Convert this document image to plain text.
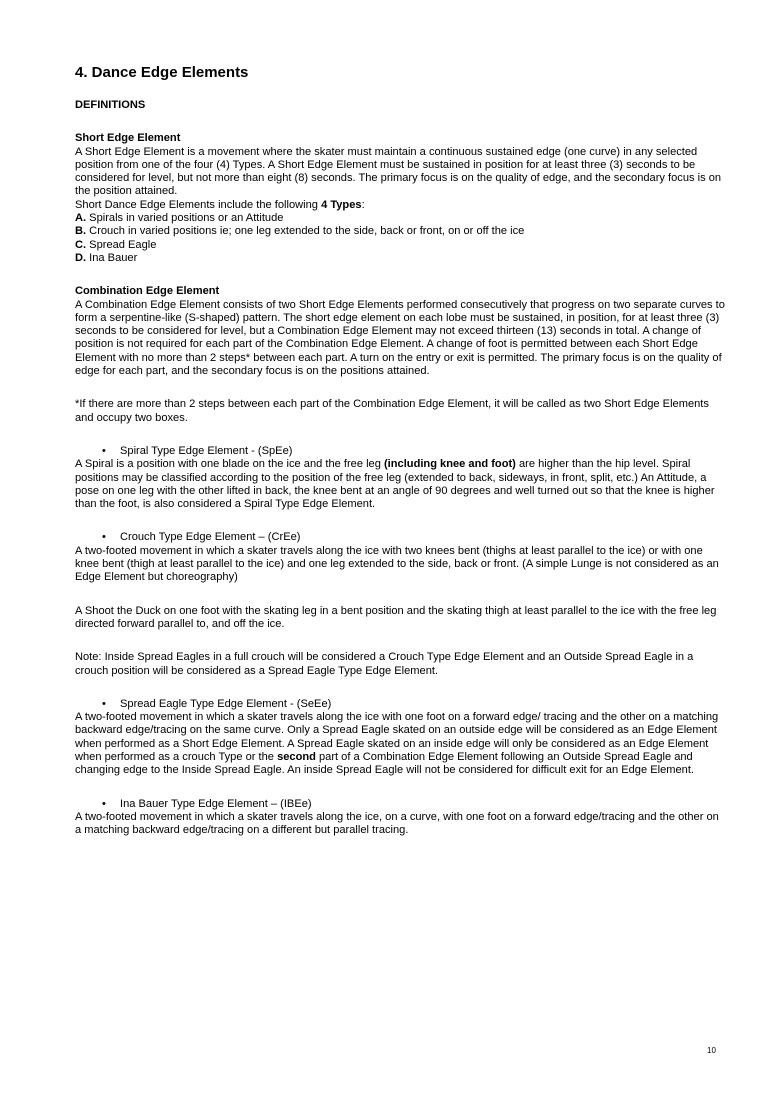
4. Dance Edge Elements
DEFINITIONS
Short Edge Element

A Short Edge Element is a movement where the skater must maintain a continuous sustained edge (one curve) in any selected position from one of the four (4) Types. A Short Edge Element must be sustained in position for at least three (3) seconds to be considered for level, but not more than eight (8) seconds. The primary focus is on the quality of edge, and the secondary focus is on the position attained.

Short Dance Edge Elements include the following 4 Types:

A. Spirals in varied positions or an Attitude

B. Crouch in varied positions ie; one leg extended to the side, back or front, on or off the ice

C. Spread Eagle

D. Ina Bauer

Combination Edge Element

A Combination Edge Element consists of two Short Edge Elements performed consecutively that progress on two separate curves to form a serpentine-like (S-shaped) pattern. The short edge element on each lobe must be sustained, in position, for at least three (3) seconds to be considered for level, but a Combination Edge Element may not exceed thirteen (13) seconds in total. A change of position is not required for each part of the Combination Edge Element. A change of foot is permitted between each Short Edge Element with no more than 2 steps* between each part. A turn on the entry or exit is permitted. The primary focus is on the quality of edge for each part, and the secondary focus is on the positions attained.

*If there are more than 2 steps between each part of the Combination Edge Element, it will be called as two Short Edge Elements and occupy two boxes.

• Spiral Type Edge Element - (SpEe)

A Spiral is a position with one blade on the ice and the free leg (including knee and foot) are higher than the hip level. Spiral positions may be classified according to the position of the free leg (extended to back, sideways, in front, split, etc.) An Attitude, a pose on one leg with the other lifted in back, the knee bent at an angle of 90 degrees and well turned out so that the knee is higher than the foot, is also considered a Spiral Type Edge Element.

• Crouch Type Edge Element – (CrEe)

A two-footed movement in which a skater travels along the ice with two knees bent (thighs at least parallel to the ice) or with one knee bent (thigh at least parallel to the ice) and one leg extended to the side, back or front. (A simple Lunge is not considered as an Edge Element but choreography)

A Shoot the Duck on one foot with the skating leg in a bent position and the skating thigh at least parallel to the ice with the free leg directed forward parallel to, and off the ice.

Note: Inside Spread Eagles in a full crouch will be considered a Crouch Type Edge Element and an Outside Spread Eagle in a crouch position will be considered as a Spread Eagle Type Edge Element.

• Spread Eagle Type Edge Element - (SeEe)

A two-footed movement in which a skater travels along the ice with one foot on a forward edge/ tracing and the other on a matching backward edge/tracing on the same curve. Only a Spread Eagle skated on an outside edge will be considered as an Edge Element when performed as a Short Edge Element. A Spread Eagle skated on an inside edge will only be considered as an Edge Element when performed as a crouch Type or the second part of a Combination Edge Element following an Outside Spread Eagle and changing edge to the Inside Spread Eagle. An inside Spread Eagle will not be considered for difficult exit for an Edge Element.

• Ina Bauer Type Edge Element – (IBEe)

A two-footed movement in which a skater travels along the ice, on a curve, with one foot on a forward edge/tracing and the other on a matching backward edge/tracing on a different but parallel tracing.

10
